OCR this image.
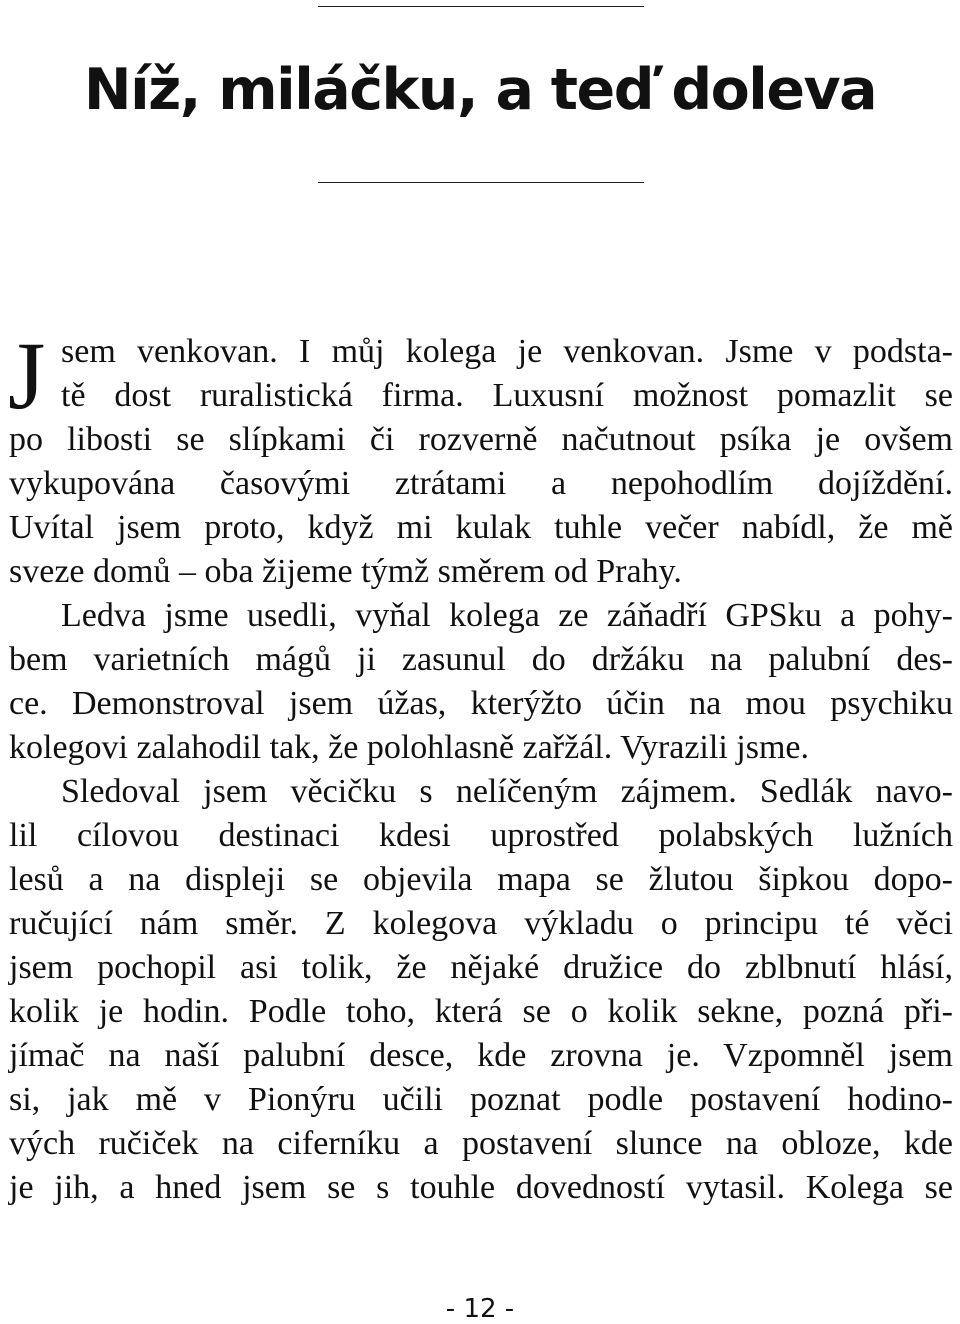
Níž, miláčku, a teď doleva
J sem venkovan. I můj kolega je venkovan. Jsme v podsta-
tě dost ruralistická firma. Luxusní možnost pomazlit se
po libosti se slípkami či rozverně načutnout psíka je ovšem
vykupována časovými ztrátami a nepohodlím dojíždění.
Uvítal jsem proto, když mi kulak tuhle večer nabídl, že mě
sveze domů – oba žijeme týmž směrem od Prahy.
Ledva jsme usedli, vyňal kolega ze záňadří GPSku a pohy-
bem varietních mágů ji zasunul do držáku na palubní des-
ce. Demonstroval jsem úžas, kterýžto účin na mou psychiku
kolegovi zalahodil tak, že polohlasně zařžál. Vyrazili jsme.
Sledoval jsem věcičku s nelíčeným zájmem. Sedlák navo-
lil cílovou destinaci kdesi uprostřed polabských lužních
lesů a na displeji se objevila mapa se žlutou šipkou dopo-
ručující nám směr. Z kolegova výkladu o principu té věci
jsem pochopil asi tolik, že nějaké družice do zblbnutí hlásí,
kolik je hodin. Podle toho, která se o kolik sekne, pozná při-
jímač na naší palubní desce, kde zrovna je. Vzpomněl jsem
si, jak mě v Pionýru učili poznat podle postavení hodino-
vých ručiček na ciferníku a postavení slunce na obloze, kde
je jih, a hned jsem se s touhle dovedností vytasil. Kolega se
- 12 -
